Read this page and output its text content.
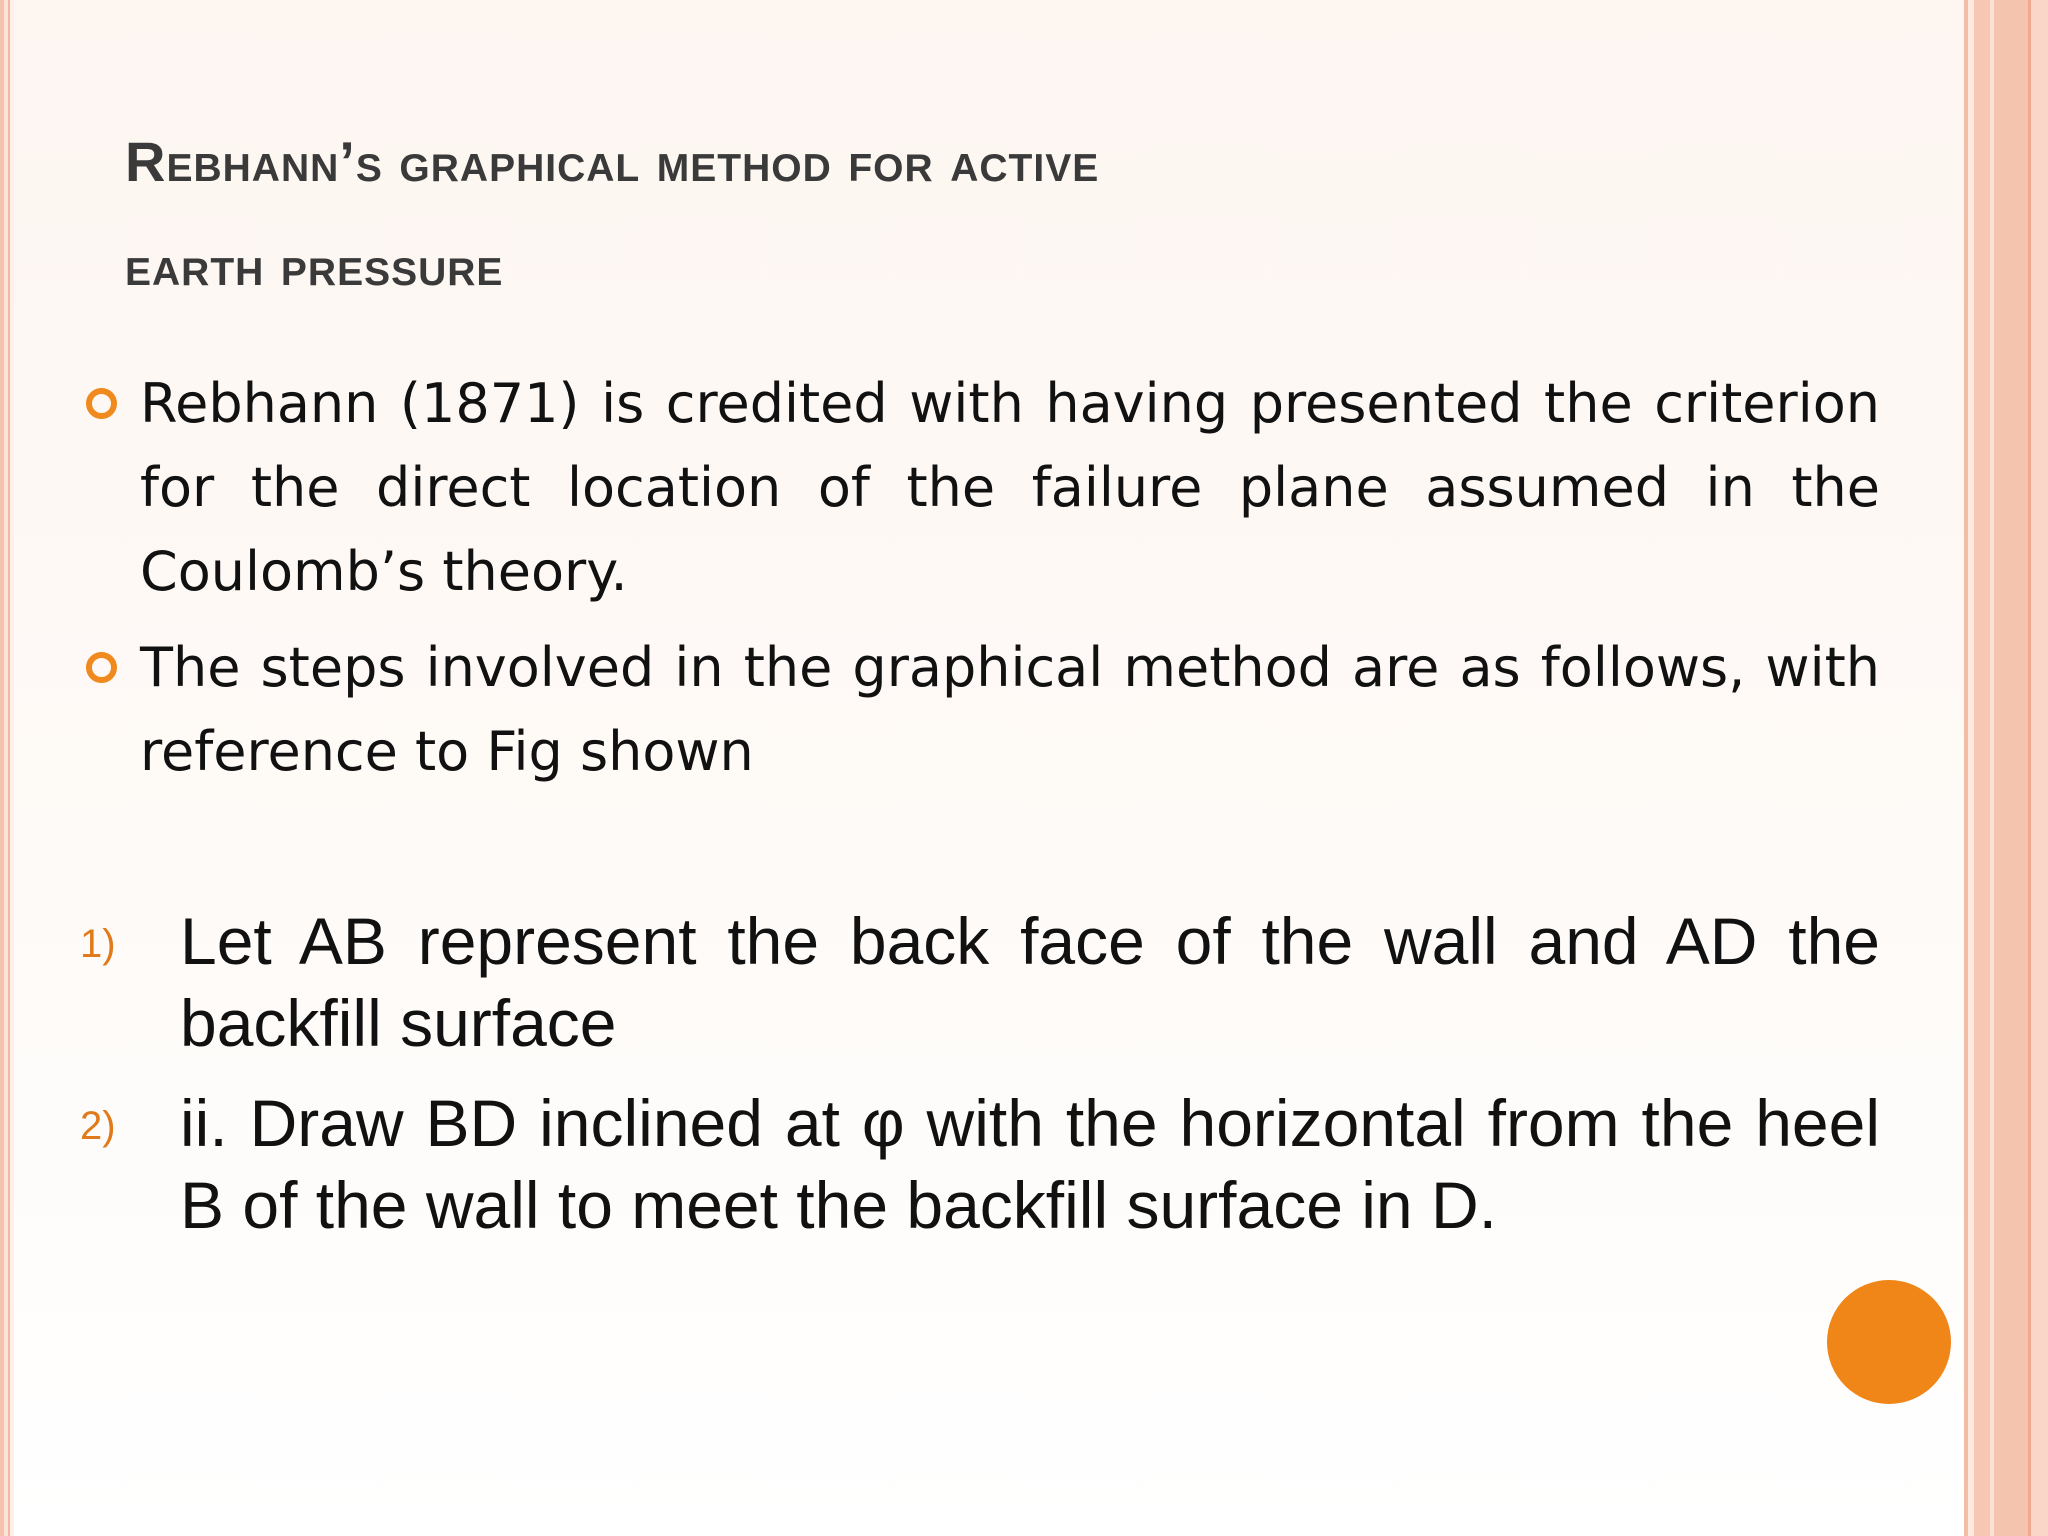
Rebhann’s graphical method for active
earth pressure
Rebhann (1871) is credited with having presented the criterion for the direct location of the failure plane assumed in the Coulomb’s theory.
The steps involved in the graphical method are as follows, with reference to Fig shown
1) Let AB represent the back face of the wall and AD the backfill surface
2) ii. Draw BD inclined at φ with the horizontal from the heel B of the wall to meet the backfill surface in D.
